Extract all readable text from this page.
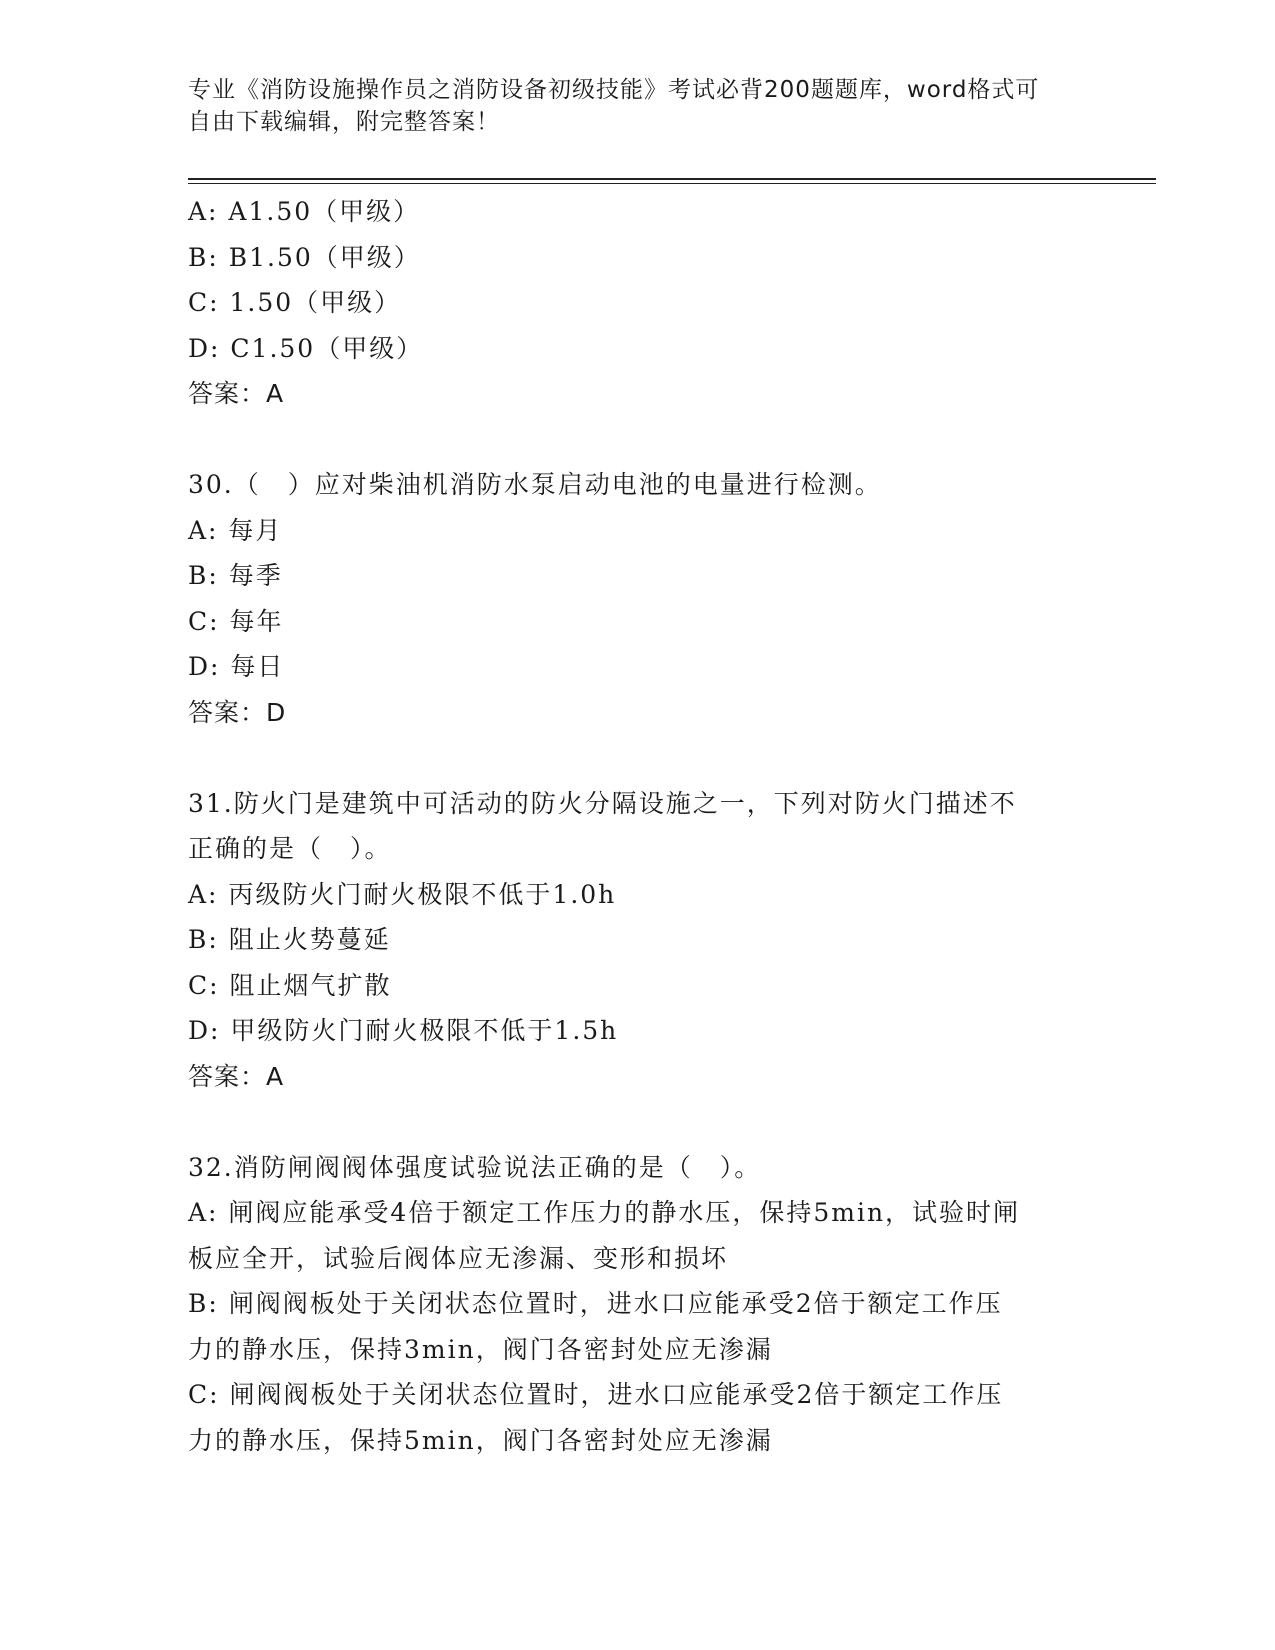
专业《消防设施操作员之消防设备初级技能》考试必背200题题库，word格式可
自由下载编辑，附完整答案！
A: A1.50（甲级）
B: B1.50（甲级）
C: 1.50（甲级）
D: C1.50（甲级）
答案：A
30.（　）应对柴油机消防水泵启动电池的电量进行检测。
A: 每月
B: 每季
C: 每年
D: 每日
答案：D
31.防火门是建筑中可活动的防火分隔设施之一，下列对防火门描述不
正确的是（　）。
A: 丙级防火门耐火极限不低于1.0h
B: 阻止火势蔓延
C: 阻止烟气扩散
D: 甲级防火门耐火极限不低于1.5h
答案：A
32.消防闸阀阀体强度试验说法正确的是（　）。
A: 闸阀应能承受4倍于额定工作压力的静水压，保持5min，试验时闸
板应全开，试验后阀体应无渗漏、变形和损坏
B: 闸阀阀板处于关闭状态位置时，进水口应能承受2倍于额定工作压
力的静水压，保持3min，阀门各密封处应无渗漏
C: 闸阀阀板处于关闭状态位置时，进水口应能承受2倍于额定工作压
力的静水压，保持5min，阀门各密封处应无渗漏
